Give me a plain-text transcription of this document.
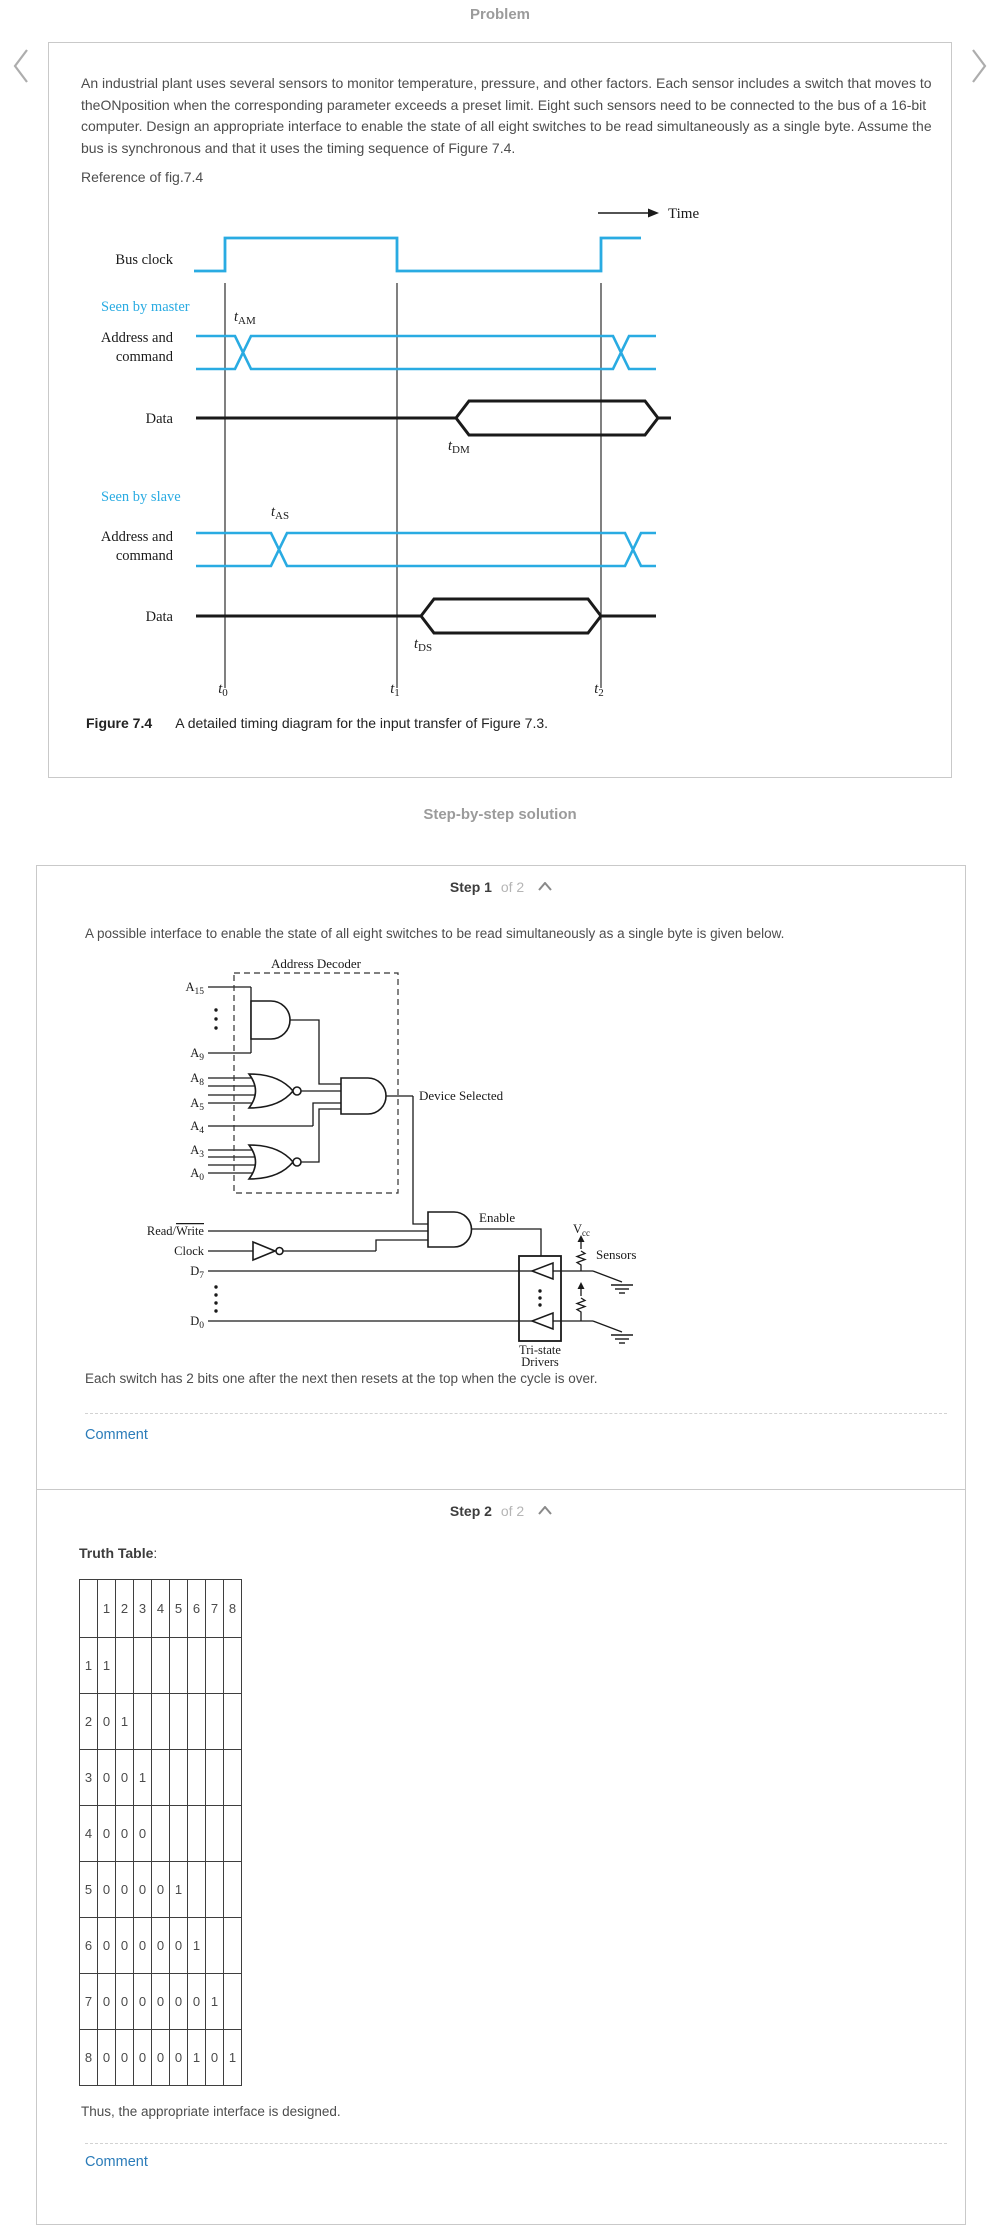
Problem

An industrial plant uses several sensors to monitor temperature, pressure, and other factors. Each sensor includes a switch that moves to theONposition when the corresponding parameter exceeds a preset limit. Eight such sensors need to be connected to the bus of a 16-bit computer. Design an appropriate interface to enable the state of all eight switches to be read simultaneously as a single byte. Assume the bus is synchronous and that it uses the timing sequence of Figure 7.4.

Reference of fig.7.4

Time
Bus clock
Seen by master
$t_{AM}$
Address and
command
Data
$t_{DM}$
Seen by slave
$t_{AS}$
Address and
command
Data
$t_{DS}$
$t_0$	$t_1$	$t_2$
Figure 7.4 A detailed timing diagram for the input transfer of Figure 7.3.
Step-by-step solution
Step 1 of 2

A possible interface to enable the state of all eight switches to be read simultaneously as a single byte is given below.

Address Decoder
$A_{15}$
$A_9$
$A_8$
$A_5$
$A_4$
$A_3$
$A_0$
Device Selected
Read/Write
Clock
$D_7$
$D_0$
Enable
$V_{cc}$
Sensors
Tri-state
Drivers

Each switch has 2 bits one after the next then resets at the top when the cycle is over.

Comment
Step 2 of 2
Truth Table:
	1	2	3	4	5	6	7	8
1	1							
2	0	1						
3	0	0	1					
4	0	0	0					
5	0	0	0	0	1			
6	0	0	0	0	0	1		
7	0	0	0	0	0	0	1	
8	0	0	0	0	0	1	0	1

Thus, the appropriate interface is designed.

Comment
